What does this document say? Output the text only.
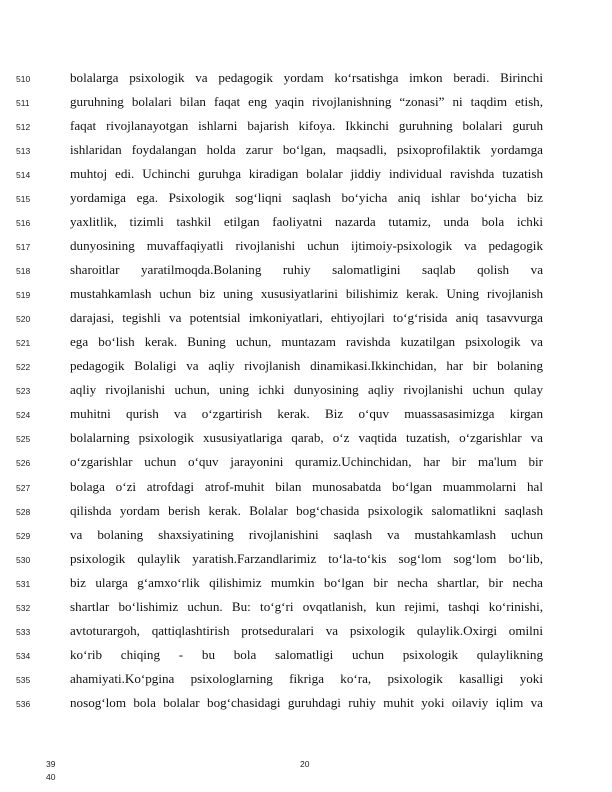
510	bolalarga psixologik va pedagogik yordam ko‘rsatishga imkon beradi. Birinchi
511	guruhning bolalari bilan faqat eng yaqin rivojlanishning “zonasi” ni taqdim etish,
512	faqat rivojlanayotgan ishlarni bajarish kifoya. Ikkinchi guruhning bolalari guruh
513	ishlaridan foydalangan holda zarur bo‘lgan, maqsadli, psixoprofilaktik yordamga
514	muhtoj edi. Uchinchi guruhga kiradigan bolalar jiddiy individual ravishda tuzatish
515	yordamiga ega. Psixologik sog‘liqni saqlash bo‘yicha aniq ishlar bo‘yicha biz
516	yaxlitlik, tizimli tashkil etilgan faoliyatni nazarda tutamiz, unda bola ichki
517	dunyosining muvaffaqiyatli rivojlanishi uchun ijtimoiy-psixologik va pedagogik
518	sharoitlar yaratilmoqda.Bolaning ruhiy salomatligini saqlab qolish va
519	mustahkamlash uchun biz uning xususiyatlarini bilishimiz kerak. Uning rivojlanish
520	darajasi, tegishli va potentsial imkoniyatlari, ehtiyojlari to‘g‘risida aniq tasavvurga
521	ega bo‘lish kerak. Buning uchun, muntazam ravishda kuzatilgan psixologik va
522	pedagogik Bolaligi va aqliy rivojlanish dinamikasi.Ikkinchidan, har bir bolaning
523	aqliy rivojlanishi uchun, uning ichki dunyosining aqliy rivojlanishi uchun qulay
524	muhitni qurish va o‘zgartirish kerak. Biz o‘quv muassasasimizga kirgan
525	bolalarning psixologik xususiyatlariga qarab, o‘z vaqtida tuzatish, o‘zgarishlar va
526	o‘zgarishlar uchun o‘quv jarayonini quramiz.Uchinchidan, har bir ma'lum bir
527	bolaga o‘zi atrofdagi atrof-muhit bilan munosabatda bo‘lgan muammolarni hal
528	qilishda yordam berish kerak. Bolalar bog‘chasida psixologik salomatlikni saqlash
529	va bolaning shaxsiyatining rivojlanishini saqlash va mustahkamlash uchun
530	psixologik qulaylik yaratish.Farzandlarimiz to‘la-to‘kis sog‘lom sog‘lom bo‘lib,
531	biz ularga g‘amxo‘rlik qilishimiz mumkin bo‘lgan bir necha shartlar, bir necha
532	shartlar bo‘lishimiz uchun. Bu: to‘g‘ri ovqatlanish, kun rejimi, tashqi ko‘rinishi,
533	avtoturargoh, qattiqlashtirish protseduralari va psixologik qulaylik.Oxirgi omilni
534	ko‘rib chiqing - bu bola salomatligi uchun psixologik qulaylikning
535	ahamiyati.Ko‘pgina psixologlarning fikriga ko‘ra, psixologik kasalligi yoki
536	nosog‘lom bola bolalar bog‘chasidagi guruhdagi ruhiy muhit yoki oilaviy iqlim va
39
40
20
